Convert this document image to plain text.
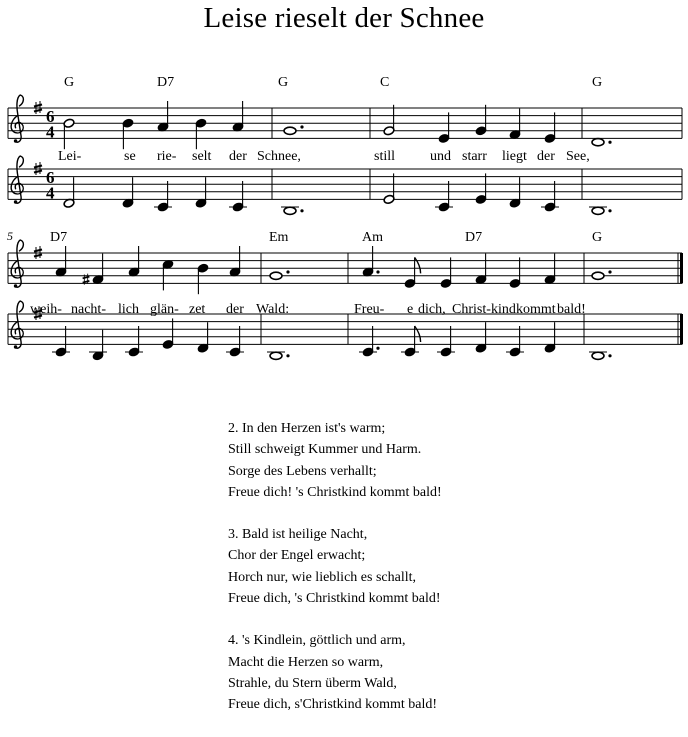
Leise rieselt der Schnee
6
4
6
4
G	D7	G	C	G
Lei-	se rie- selt der Schnee,	still und starr liegt der See,
5	D7	Em	Am	D7	G
weih- nacht- lich glän- zet der Wald:	Freu- e dich, Christ- kind kommt bald!
2. In den Herzen ist's warm;
Still schweigt Kummer und Harm.
Sorge des Lebens verhallt;
Freue dich! 's Christkind kommt bald!
3. Bald ist heilige Nacht,
Chor der Engel erwacht;
Horch nur, wie lieblich es schallt,
Freue dich, 's Christkind kommt bald!
4. 's Kindlein, göttlich und arm,
Macht die Herzen so warm,
Strahle, du Stern überm Wald,
Freue dich, s'Christkind kommt bald!
